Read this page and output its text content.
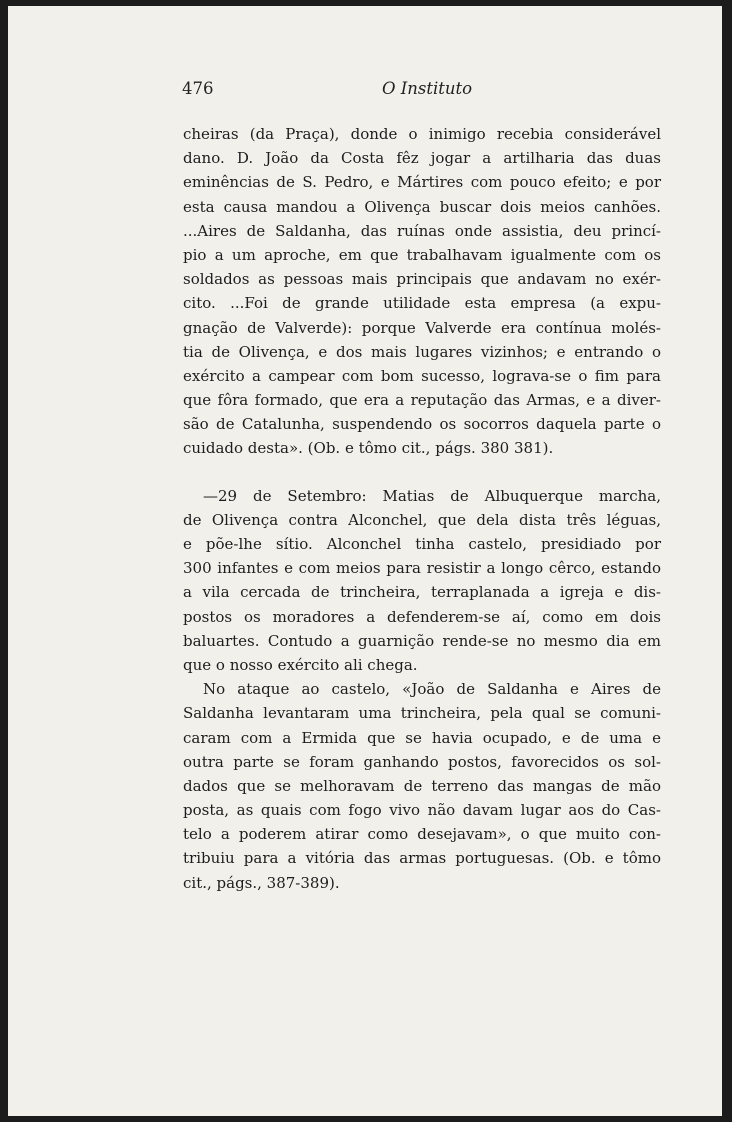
476	O Instituto
cheiras (da Praça), donde o inimigo recebia considerável
dano. D. João da Costa fêz jogar a artilharia das duas
eminências de S. Pedro, e Mártires com pouco efeito; e por
esta causa mandou a Olivença buscar dois meios canhões.
...Aires de Saldanha, das ruínas onde assistia, deu princí-
pio a um aproche, em que trabalhavam igualmente com os
soldados as pessoas mais principais que andavam no exér-
cito. ...Foi de grande utilidade esta empresa (a expu-
gnação de Valverde): porque Valverde era contínua molés-
tia de Olivença, e dos mais lugares vizinhos; e entrando o
exército a campear com bom sucesso, lograva-se o fim para
que fôra formado, que era a reputação das Armas, e a diver-
são de Catalunha, suspendendo os socorros daquela parte o
cuidado desta». (Ob. e tômo cit., págs. 380 381).
—29 de Setembro: Matias de Albuquerque marcha,
de Olivença contra Alconchel, que dela dista três léguas,
e põe-lhe sítio. Alconchel tinha castelo, presidiado por
300 infantes e com meios para resistir a longo cêrco, estando
a vila cercada de trincheira, terraplanada a igreja e dis-
postos os moradores a defenderem-se aí, como em dois
baluartes. Contudo a guarnição rende-se no mesmo dia em
que o nosso exército ali chega.
No ataque ao castelo, «João de Saldanha e Aires de
Saldanha levantaram uma trincheira, pela qual se comuni-
caram com a Ermida que se havia ocupado, e de uma e
outra parte se foram ganhando postos, favorecidos os sol-
dados que se melhoravam de terreno das mangas de mão
posta, as quais com fogo vivo não davam lugar aos do Cas-
telo a poderem atirar como desejavam», o que muito con-
tribuiu para a vitória das armas portuguesas. (Ob. e tômo
cit., págs., 387-389).
